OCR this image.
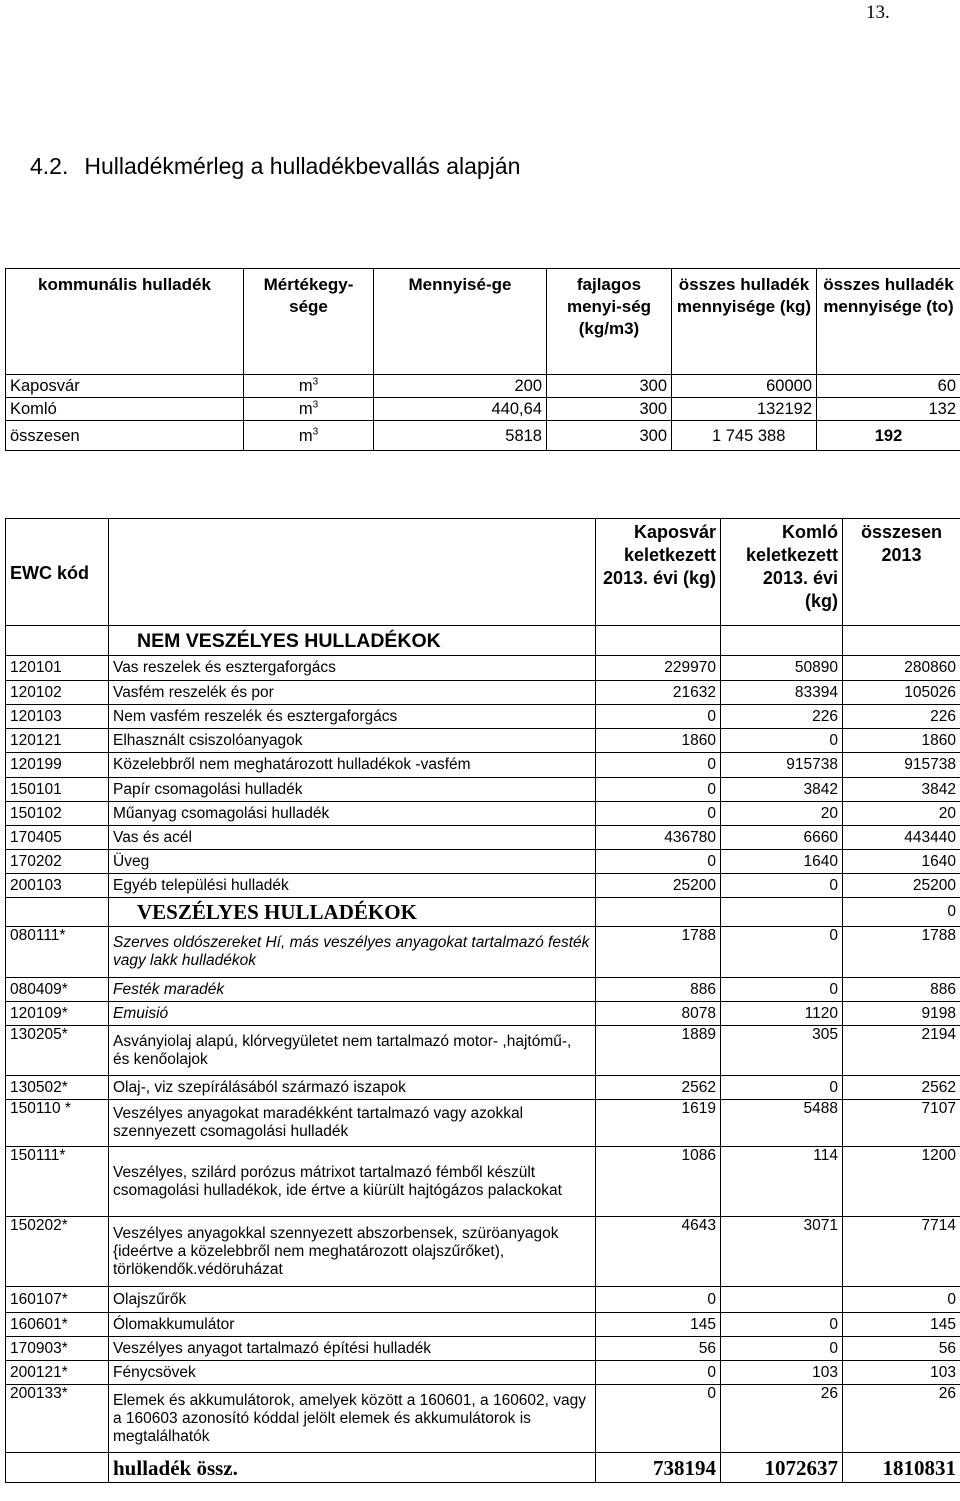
13.
4.2. Hulladékmérleg a hulladékbevallás alapján
kommunális hulladék	Mértékegy-sége	Mennyisé-ge	fajlagos menyi-ség (kg/m3)	összes hulladék mennyisége (kg)	összes hulladék mennyisége (to)
Kaposvár	$m^3$	200	300	60000	60
Komló	$m^3$	440,64	300	132192	132
összesen	$m^3$	5818	300	1 745 388	192
EWC kód		Kaposvár keletkezett 2013. évi (kg)	Komló keletkezett 2013. évi (kg)	összesen 2013
	NEM VESZÉLYES HULLADÉKOK			
120101	Vas reszelek és esztergaforgács	229970	50890	280860
120102	Vasfém reszelék és por	21632	83394	105026
120103	Nem vasfém reszelék és esztergaforgács	0	226	226
120121	Elhasznált csiszolóanyagok	1860	0	1860
120199	Közelebbről nem meghatározott hulladékok -vasfém	0	915738	915738
150101	Papír csomagolási hulladék	0	3842	3842
150102	Műanyag csomagolási hulladék	0	20	20
170405	Vas és acél	436780	6660	443440
170202	Üveg	0	1640	1640
200103	Egyéb települési hulladék	25200	0	25200
	VESZÉLYES HULLADÉKOK			0
080111*	Szerves oldószereket Hí, más veszélyes anyagokat tartalmazó festék vagy lakk hulladékok	1788	0	1788
080409*	Festék maradék	886	0	886
120109*	Emuisió	8078	1120	9198
130205*	Asványiolaj alapú, klórvegyületet nem tartalmazó motor- ,hajtómű-, és kenőolajok	1889	305	2194
130502*	Olaj-, viz szepírálásából származó iszapok	2562	0	2562
150110 *	Veszélyes anyagokat maradékként tartalmazó vagy azokkal szennyezett csomagolási hulladék	1619	5488	7107
150111*	Veszélyes, szilárd porózus mátrixot tartalmazó fémből készült csomagolási hulladékok, ide értve a kiürült hajtógázos palackokat	1086	114	1200
150202*	Veszélyes anyagokkal szennyezett abszorbensek, szüröanyagok {ideértve a közelebbről nem meghatározott olajszűrőket), törlökendők.védöruházat	4643	3071	7714
160107*	Olajszűrők	0		0
160601*	Ólomakkumulátor	145	0	145
170903*	Veszélyes anyagot tartalmazó építési hulladék	56	0	56
200121*	Fénycsövek	0	103	103
200133*	Elemek és akkumulátorok, amelyek között a 160601, a 160602, vagy a 160603 azonosító kóddal jelölt elemek és akkumulátorok is megtalálhatók	0	26	26
	hulladék össz.	738194	1072637	1810831
